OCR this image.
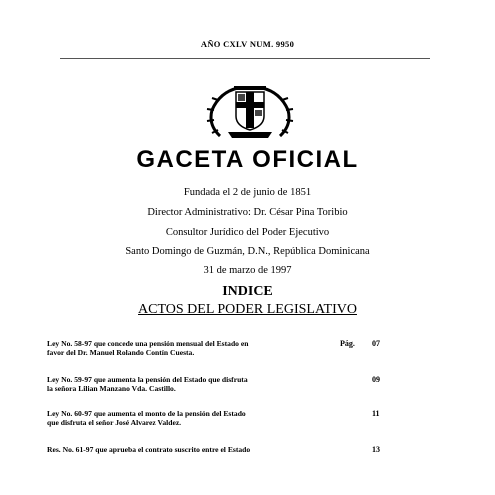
AÑO CXLV NUM. 9950
GACETA OFICIAL
Fundada el 2 de junio de 1851
Director Administrativo: Dr. César Pina Toribio
Consultor Jurídico del Poder Ejecutivo
Santo Domingo de Guzmán, D.N., República Dominicana
31 de marzo de 1997
INDICE
ACTOS DEL PODER LEGISLATIVO
Pág.
Ley No. 58-97 que concede una pensión mensual del Estado en
favor del Dr. Manuel Rolando Contín Cuesta.
07
Ley No. 59-97 que aumenta la pensión del Estado que disfruta
la señora Lilian Manzano Vda. Castillo.
09
Ley No. 60-97 que aumenta el monto de la pensión del Estado
que disfruta el señor José Alvarez Valdez.
11
Res. No. 61-97 que aprueba el contrato suscrito entre el Estado	13
